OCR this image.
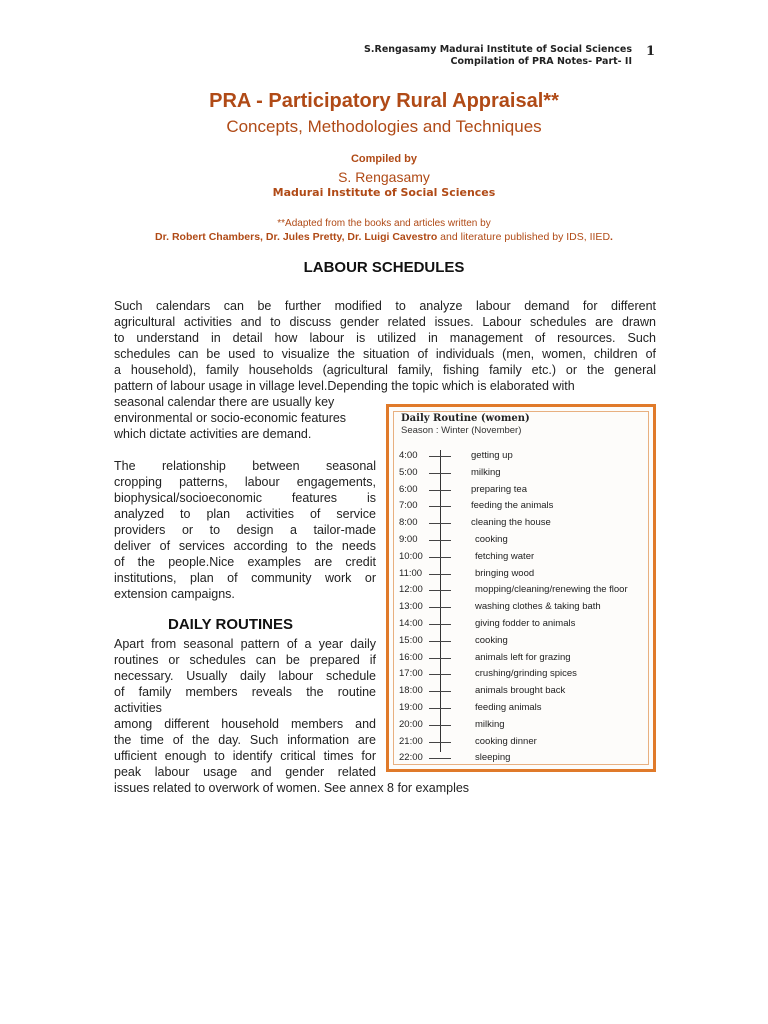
S.Rengasamy Madurai Institute of Social Sciences
Compilation of PRA Notes- Part- II
1
PRA - Participatory Rural Appraisal**
Concepts, Methodologies and Techniques
Compiled by
S. Rengasamy
Madurai Institute of Social Sciences
**Adapted from the books and articles written by
Dr. Robert Chambers, Dr. Jules Pretty, Dr. Luigi Cavestro and literature published by IDS, IIED.
LABOUR SCHEDULES
Such calendars can be further modified to analyze labour demand for different
agricultural activities and to discuss gender related issues. Labour schedules are drawn
to understand in detail how labour is utilized in management of resources. Such
schedules can be used to visualize the situation of individuals (men, women, children of
a household), family households (agricultural family, fishing family etc.) or the general
pattern of labour usage in village level.Depending the topic which is elaborated with
seasonal calendar there are usually key
environmental or socio-economic features
which dictate activities are demand.
The relationship between seasonal
cropping patterns, labour engagements,
biophysical/socioeconomic features is
analyzed to plan activities of service
providers or to design a tailor-made
deliver of services according to the needs
of the people.Nice examples are credit
institutions, plan of community work or
extension campaigns.
DAILY ROUTINES
Apart from seasonal pattern of a year daily
routines or schedules can be prepared if
necessary. Usually daily labour schedule
of family members reveals the routine
activities
among different household members and
the time of the day. Such information are
ufficient enough to identify critical times for
peak labour usage and gender related
issues related to overwork of women. See annex 8 for examples
Daily Routine (women)
Season : Winter (November)
4:00	getting up
5:00	milking
6:00	preparing tea
7:00	feeding the animals
8:00	cleaning the house
9:00	cooking
10:00	fetching water
11:00	bringing wood
12:00	mopping/cleaning/renewing the floor
13:00	washing clothes & taking bath
14:00	giving fodder to animals
15:00	cooking
16:00	animals left for grazing
17:00	crushing/grinding spices
18:00	animals brought back
19:00	feeding animals
20:00	milking
21:00	cooking dinner
22:00	sleeping
